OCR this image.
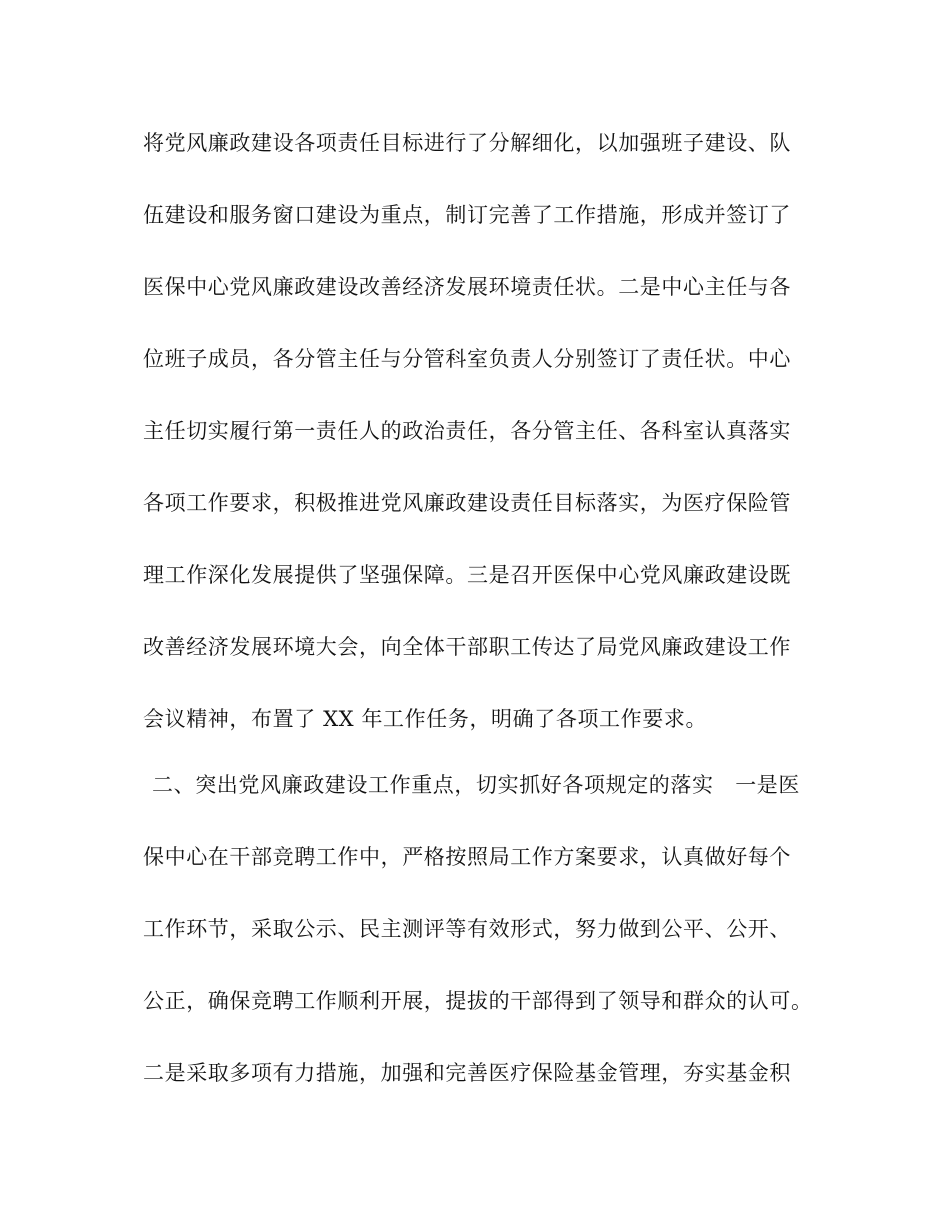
将党风廉政建设各项责任目标进行了分解细化，以加强班子建设、队
伍建设和服务窗口建设为重点，制订完善了工作措施，形成并签订了
医保中心党风廉政建设改善经济发展环境责任状。二是中心主任与各
位班子成员，各分管主任与分管科室负责人分别签订了责任状。中心
主任切实履行第一责任人的政治责任，各分管主任、各科室认真落实
各项工作要求，积极推进党风廉政建设责任目标落实，为医疗保险管
理工作深化发展提供了坚强保障。三是召开医保中心党风廉政建设既
改善经济发展环境大会，向全体干部职工传达了局党风廉政建设工作
会议精神，布置了 XX 年工作任务，明确了各项工作要求。
二、突出党风廉政建设工作重点，切实抓好各项规定的落实　一是医
保中心在干部竞聘工作中，严格按照局工作方案要求，认真做好每个
工作环节，采取公示、民主测评等有效形式，努力做到公平、公开、
公正，确保竞聘工作顺利开展，提拔的干部得到了领导和群众的认可。
二是采取多项有力措施，加强和完善医疗保险基金管理，夯实基金积
